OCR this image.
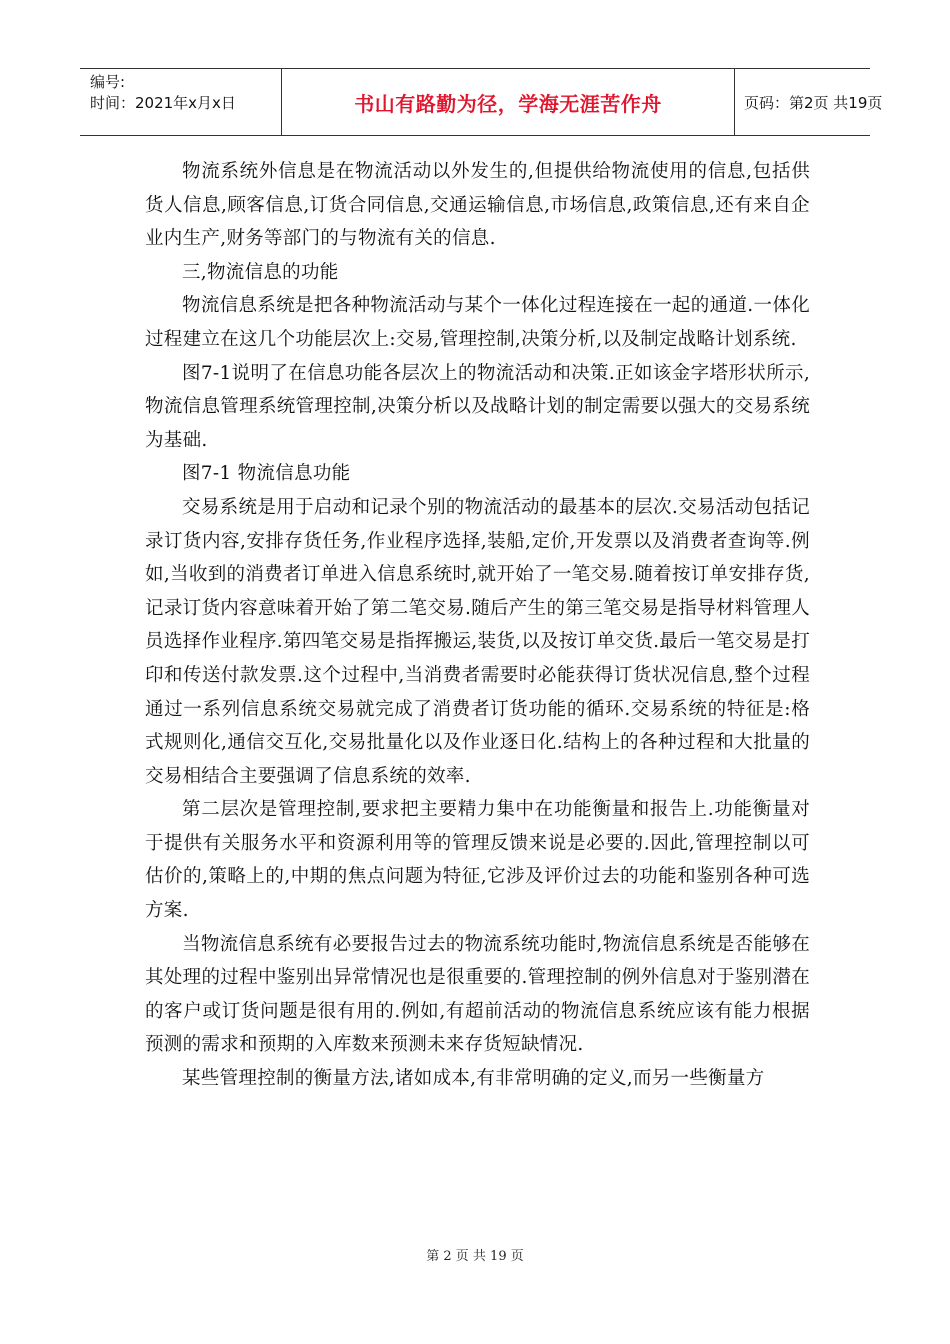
编号:
时间：2021年x月x日	书山有路勤为径，学海无涯苦作舟	页码：第2页 共19页

物流系统外信息是在物流活动以外发生的,但提供给物流使用的信息,包括供货人信息,顾客信息,订货合同信息,交通运输信息,市场信息,政策信息,还有来自企业内生产,财务等部门的与物流有关的信息.

三,物流信息的功能

物流信息系统是把各种物流活动与某个一体化过程连接在一起的通道.一体化过程建立在这几个功能层次上:交易,管理控制,决策分析,以及制定战略计划系统.

图7-1说明了在信息功能各层次上的物流活动和决策.正如该金字塔形状所示,物流信息管理系统管理控制,决策分析以及战略计划的制定需要以强大的交易系统为基础.

图7-1 物流信息功能

交易系统是用于启动和记录个别的物流活动的最基本的层次.交易活动包括记录订货内容,安排存货任务,作业程序选择,装船,定价,开发票以及消费者查询等.例如,当收到的消费者订单进入信息系统时,就开始了一笔交易.随着按订单安排存货,记录订货内容意味着开始了第二笔交易.随后产生的第三笔交易是指导材料管理人员选择作业程序.第四笔交易是指挥搬运,装货,以及按订单交货.最后一笔交易是打印和传送付款发票.这个过程中,当消费者需要时必能获得订货状况信息,整个过程通过一系列信息系统交易就完成了消费者订货功能的循环.交易系统的特征是:格式规则化,通信交互化,交易批量化以及作业逐日化.结构上的各种过程和大批量的交易相结合主要强调了信息系统的效率.

第二层次是管理控制,要求把主要精力集中在功能衡量和报告上.功能衡量对于提供有关服务水平和资源利用等的管理反馈来说是必要的.因此,管理控制以可估价的,策略上的,中期的焦点问题为特征,它涉及评价过去的功能和鉴别各种可选方案.

当物流信息系统有必要报告过去的物流系统功能时,物流信息系统是否能够在其处理的过程中鉴别出异常情况也是很重要的.管理控制的例外信息对于鉴别潜在的客户或订货问题是很有用的.例如,有超前活动的物流信息系统应该有能力根据预测的需求和预期的入库数来预测未来存货短缺情况.

某些管理控制的衡量方法,诸如成本,有非常明确的定义,而另一些衡量方

第 2 页 共 19 页
